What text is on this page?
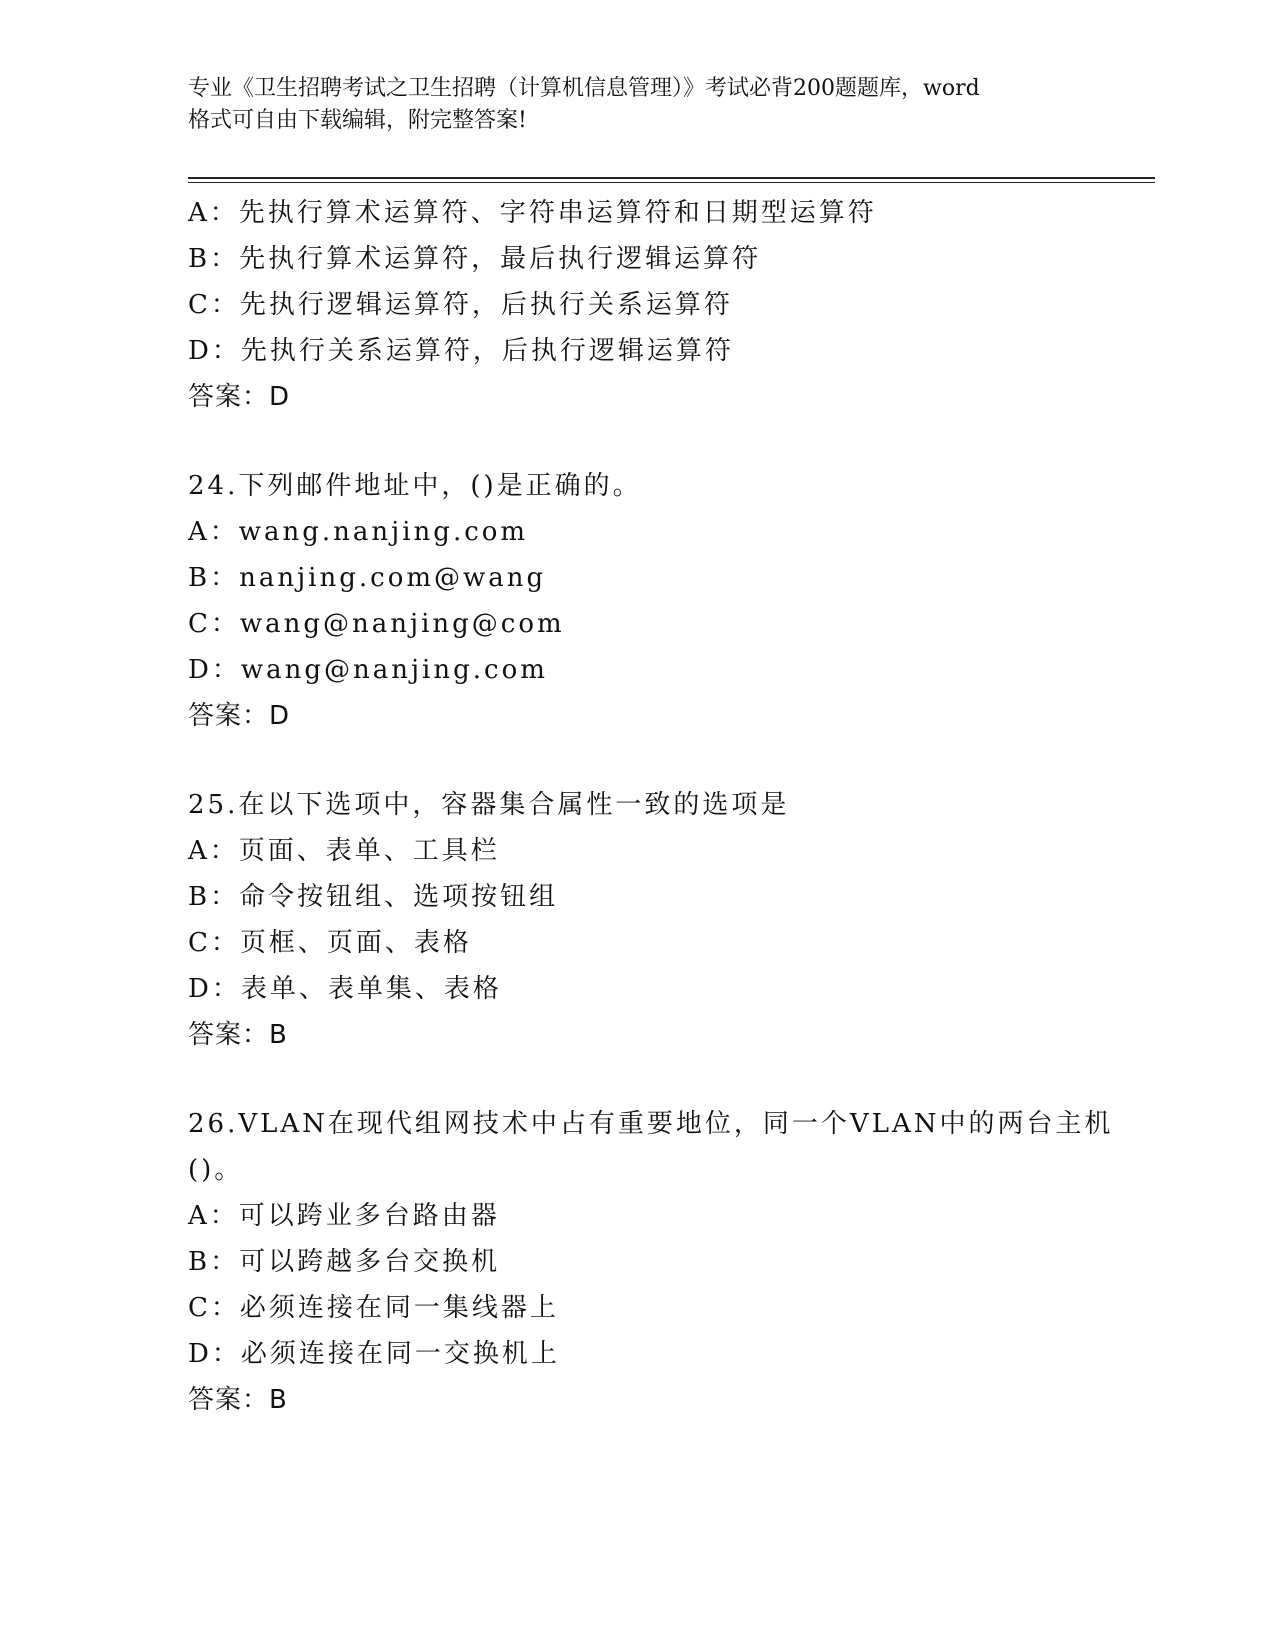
专业《卫生招聘考试之卫生招聘（计算机信息管理）》考试必背200题题库，word
格式可自由下载编辑，附完整答案!
A：先执行算术运算符、字符串运算符和日期型运算符
B：先执行算术运算符，最后执行逻辑运算符
C：先执行逻辑运算符，后执行关系运算符
D：先执行关系运算符，后执行逻辑运算符
答案：D
24.下列邮件地址中，()是正确的。
A：wang.nanjing.com
B：nanjing.com@wang
C：wang@nanjing@com
D：wang@nanjing.com
答案：D
25.在以下选项中，容器集合属性一致的选项是
A：页面、表单、工具栏
B：命令按钮组、选项按钮组
C：页框、页面、表格
D：表单、表单集、表格
答案：B
26.VLAN在现代组网技术中占有重要地位，同一个VLAN中的两台主机
()。
A：可以跨业多台路由器
B：可以跨越多台交换机
C：必须连接在同一集线器上
D：必须连接在同一交换机上
答案：B
